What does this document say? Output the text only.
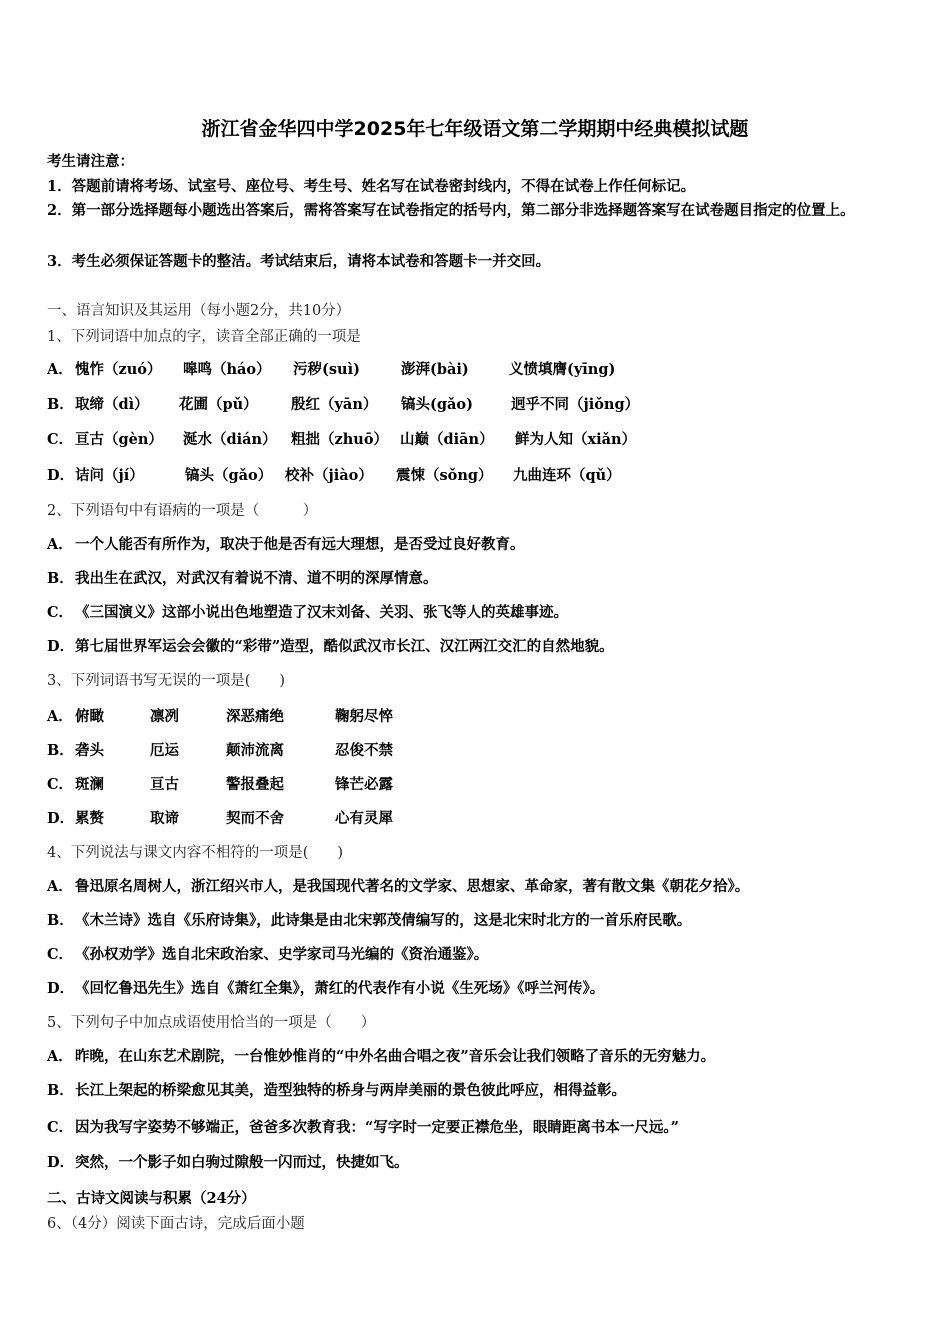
浙江省金华四中学2025年七年级语文第二学期期中经典模拟试题
考生请注意：
1．答题前请将考场、试室号、座位号、考生号、姓名写在试卷密封线内，不得在试卷上作任何标记。
2．第一部分选择题每小题选出答案后，需将答案写在试卷指定的括号内，第二部分非选择题答案写在试卷题目指定的位置上。
3．考生必须保证答题卡的整洁。考试结束后，请将本试卷和答题卡一并交回。
一、语言知识及其运用（每小题2分，共10分）
1、下列词语中加点的字，读音全部正确的一项是
A． 愧怍（zuó） 嗥鸣（háo） 污秽(suì)	澎湃(bài)	义愤填膺(yīng)
B． 取缔（dì） 花圃（pǔ） 殷红（yān） 镐头(gǎo)	迥乎不同（jiǒng）
C． 亘古（gèn） 涎水（dián） 粗拙（zhuō） 山巅（diān） 鲜为人知（xiǎn）
D． 诘问（jí）	镐头（gǎo） 校补（jiào） 震悚（sǒng） 九曲连环（qǔ）
2、下列语句中有语病的一项是（　　　）
A． 一个人能否有所作为，取决于他是否有远大理想，是否受过良好教育。
B．我出生在武汉，对武汉有着说不清、道不明的深厚情意。
C． 《三国演义》这部小说出色地塑造了汉末刘备、关羽、张飞等人的英雄事迹。
D．第七届世界军运会会徽的“彩带”造型，酷似武汉市长江、汉江两江交汇的自然地貌。
3、下列词语书写无误的一项是(　　)
A． 俯瞰	凛冽	深恶痛绝	鞠躬尽悴
B． 砻头	厄运	颠沛流离	忍俊不禁
C． 斑澜	亘古	警报叠起	锋芒必露
D． 累赘	取谛	契而不舍	心有灵犀
4、下列说法与课文内容不相符的一项是(　　)
A． 鲁迅原名周树人，浙江绍兴市人，是我国现代著名的文学家、思想家、革命家，著有散文集《朝花夕拾》。
B．《木兰诗》选自《乐府诗集》，此诗集是由北宋郭茂倩编写的，这是北宋时北方的一首乐府民歌。
C． 《孙权劝学》选自北宋政治家、史学家司马光编的《资治通鉴》。
D．《回忆鲁迅先生》选自《萧红全集》，萧红的代表作有小说《生死场》《呼兰河传》。
5、下列句子中加点成语使用恰当的一项是（　　）
A． 昨晚，在山东艺术剧院，一台惟妙惟肖的“中外名曲合唱之夜”音乐会让我们领略了音乐的无穷魅力。
B．长江上架起的桥梁愈见其美，造型独特的桥身与两岸美丽的景色彼此呼应，相得益彰。
C． 因为我写字姿势不够端正，爸爸多次教育我：“写字时一定要正襟危坐，眼睛距离书本一尺远。”
D．突然，一个影子如白驹过隙般一闪而过，快捷如飞。
二、古诗文阅读与积累（24分）
6、（4分）阅读下面古诗，完成后面小题
